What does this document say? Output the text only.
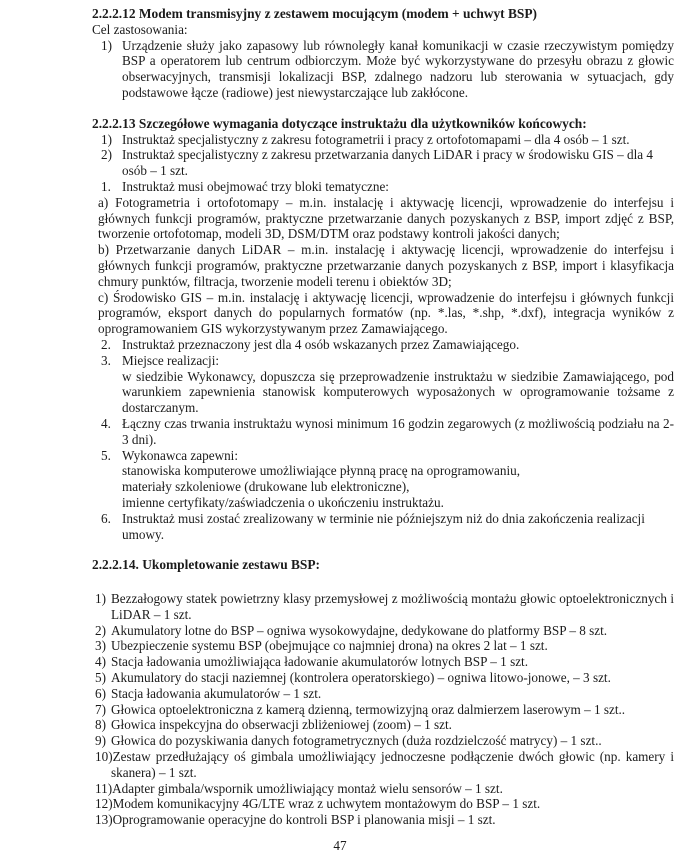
2.2.2.12 Modem transmisyjny z zestawem mocującym (modem + uchwyt BSP)

Cel zastosowania:

1) Urządzenie służy jako zapasowy lub równoległy kanał komunikacji w czasie rzeczywistym pomiędzy BSP a operatorem lub centrum odbiorczym. Może być wykorzystywane do przesyłu obrazu z głowic obserwacyjnych, transmisji lokalizacji BSP, zdalnego nadzoru lub sterowania w sytuacjach, gdy podstawowe łącze (radiowe) jest niewystarczające lub zakłócone.

2.2.2.13 Szczegółowe wymagania dotyczące instruktażu dla użytkowników końcowych:

1) Instruktaż specjalistyczny z zakresu fotogrametrii i pracy z ortofotomapami – dla 4 osób – 1 szt.

2) Instruktaż specjalistyczny z zakresu przetwarzania danych LiDAR i pracy w środowisku GIS – dla 4 osób – 1 szt.

1. Instruktaż musi obejmować trzy bloki tematyczne:

a) Fotogrametria i ortofotomapy – m.in. instalację i aktywację licencji, wprowadzenie do interfejsu i głównych funkcji programów, praktyczne przetwarzanie danych pozyskanych z BSP, import zdjęć z BSP, tworzenie ortofotomap, modeli 3D, DSM/DTM oraz podstawy kontroli jakości danych;

b) Przetwarzanie danych LiDAR – m.in. instalację i aktywację licencji, wprowadzenie do interfejsu i głównych funkcji programów, praktyczne przetwarzanie danych pozyskanych z BSP, import i klasyfikacja chmury punktów, filtracja, tworzenie modeli terenu i obiektów 3D;

c) Środowisko GIS – m.in. instalację i aktywację licencji, wprowadzenie do interfejsu i głównych funkcji programów, eksport danych do popularnych formatów (np. *.las, *.shp, *.dxf), integracja wyników z oprogramowaniem GIS wykorzystywanym przez Zamawiającego.

2. Instruktaż przeznaczony jest dla 4 osób wskazanych przez Zamawiającego.

3. Miejsce realizacji:

w siedzibie Wykonawcy, dopuszcza się przeprowadzenie instruktażu w siedzibie Zamawiającego, pod warunkiem zapewnienia stanowisk komputerowych wyposażonych w oprogramowanie tożsame z dostarczanym.

4. Łączny czas trwania instruktażu wynosi minimum 16 godzin zegarowych (z możliwością podziału na 2-3 dni).

5. Wykonawca zapewni:

stanowiska komputerowe umożliwiające płynną pracę na oprogramowaniu,

materiały szkoleniowe (drukowane lub elektroniczne),

imienne certyfikaty/zaświadczenia o ukończeniu instruktażu.

6. Instruktaż musi zostać zrealizowany w terminie nie późniejszym niż do dnia zakończenia realizacji umowy.

2.2.2.14. Ukompletowanie zestawu BSP:

1) Bezzałogowy statek powietrzny klasy przemysłowej z możliwością montażu głowic optoelektronicznych i LiDAR – 1 szt.

2) Akumulatory lotne do BSP – ogniwa wysokowydajne, dedykowane do platformy BSP – 8 szt.

3) Ubezpieczenie systemu BSP (obejmujące co najmniej drona) na okres 2 lat – 1 szt.

4) Stacja ładowania umożliwiająca ładowanie akumulatorów lotnych BSP – 1 szt.

5) Akumulatory do stacji naziemnej (kontrolera operatorskiego) – ogniwa litowo-jonowe, – 3 szt.

6) Stacja ładowania akumulatorów – 1 szt.

7) Głowica optoelektroniczna z kamerą dzienną, termowizyjną oraz dalmierzem laserowym – 1 szt..

8) Głowica inspekcyjna do obserwacji zbliżeniowej (zoom) – 1 szt.

9) Głowica do pozyskiwania danych fotogrametrycznych (duża rozdzielczość matrycy) – 1 szt..

10)Zestaw przedłużający oś gimbala umożliwiający jednoczesne podłączenie dwóch głowic (np. kamery i skanera) – 1 szt.

11)Adapter gimbala/wspornik umożliwiający montaż wielu sensorów – 1 szt.

12)Modem komunikacyjny 4G/LTE wraz z uchwytem montażowym do BSP – 1 szt.

13)Oprogramowanie operacyjne do kontroli BSP i planowania misji – 1 szt.

47
